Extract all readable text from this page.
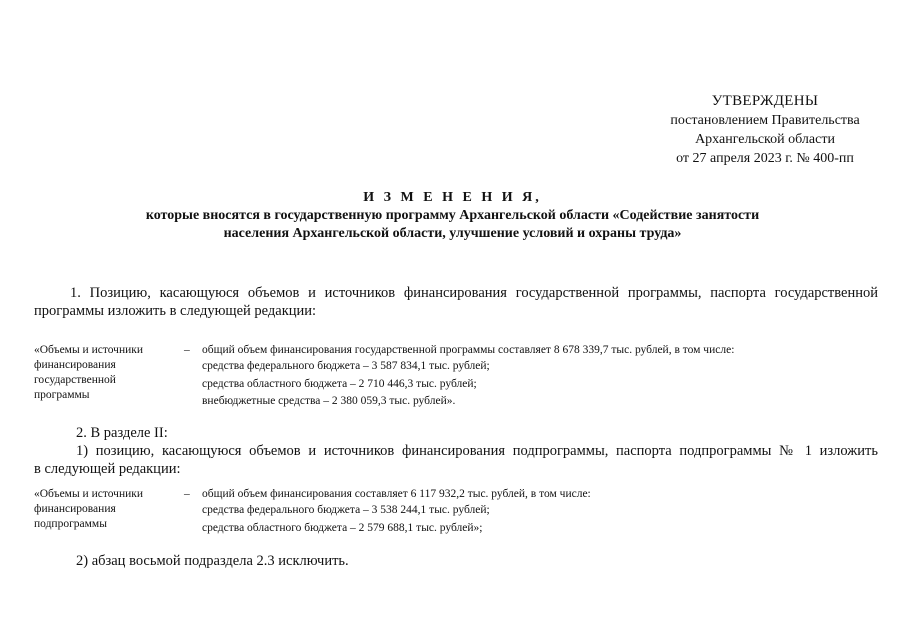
УТВЕРЖДЕНЫ
постановлением Правительства
Архангельской области
от 27 апреля 2023 г. № 400-пп
И З М Е Н Е Н И Я,
которые вносятся в государственную программу Архангельской области «Содействие занятости
населения Архангельской области, улучшение условий и охраны труда»
1. Позицию, касающуюся объемов и источников финансирования государственной программы, паспорта государственной
программы изложить в следующей редакции:
«Объемы и источники финансирования государственной программы
– общий объем финансирования государственной программы составляет 8 678 339,7 тыс. рублей, в том числе:
средства федерального бюджета – 3 587 834,1 тыс. рублей;
средства областного бюджета – 2 710 446,3 тыс. рублей;
внебюджетные средства – 2 380 059,3 тыс. рублей».
2. В разделе II:
1) позицию, касающуюся объемов и источников финансирования подпрограммы, паспорта подпрограммы № 1 изложить
в следующей редакции:
«Объемы и источники финансирования подпрограммы
– общий объем финансирования составляет 6 117 932,2 тыс. рублей, в том числе:
средства федерального бюджета – 3 538 244,1 тыс. рублей;
средства областного бюджета – 2 579 688,1 тыс. рублей»;
2) абзац восьмой подраздела 2.3 исключить.
